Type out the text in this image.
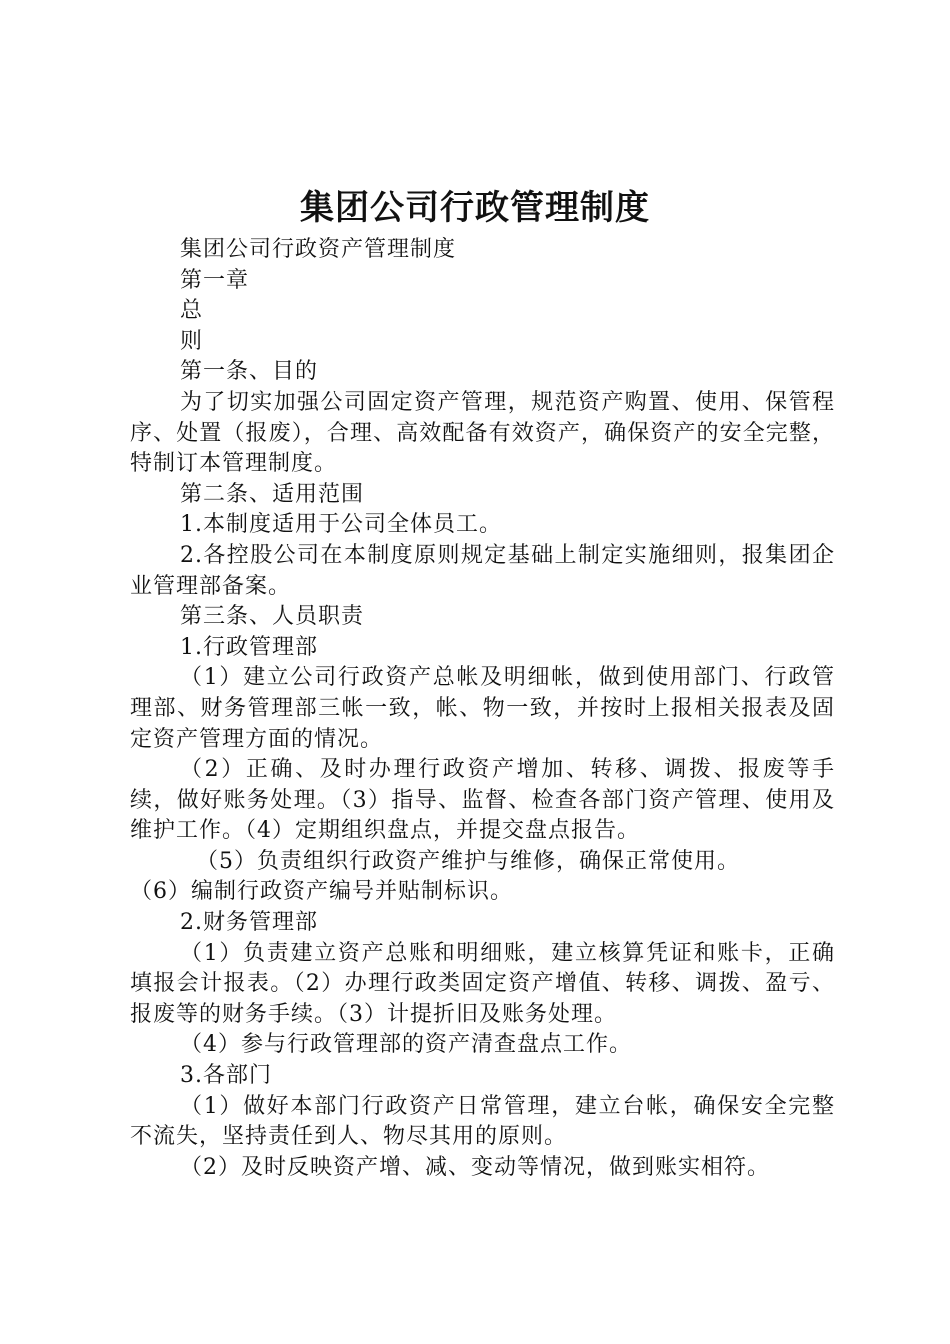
集团公司行政管理制度

集团公司行政资产管理制度

第一章

总

则

第一条、目的

为了切实加强公司固定资产管理，规范资产购置、使用、保管程序、处置（报废），合理、高效配备有效资产，确保资产的安全完整，特制订本管理制度。

第二条、适用范围

1.本制度适用于公司全体员工。

2.各控股公司在本制度原则规定基础上制定实施细则，报集团企业管理部备案。

第三条、人员职责

1.行政管理部

（1）建立公司行政资产总帐及明细帐，做到使用部门、行政管理部、财务管理部三帐一致，帐、物一致，并按时上报相关报表及固定资产管理方面的情况。

（2）正确、及时办理行政资产增加、转移、调拨、报废等手续，做好账务处理。（3）指导、监督、检查各部门资产管理、使用及维护工作。（4）定期组织盘点，并提交盘点报告。

（5）负责组织行政资产维护与维修，确保正常使用。

（6）编制行政资产编号并贴制标识。

2.财务管理部

（1）负责建立资产总账和明细账，建立核算凭证和账卡，正确填报会计报表。（2）办理行政类固定资产增值、转移、调拨、盈亏、报废等的财务手续。（3）计提折旧及账务处理。

（4）参与行政管理部的资产清查盘点工作。

3.各部门

（1）做好本部门行政资产日常管理，建立台帐，确保安全完整不流失，坚持责任到人、物尽其用的原则。

（2）及时反映资产增、减、变动等情况，做到账实相符。
